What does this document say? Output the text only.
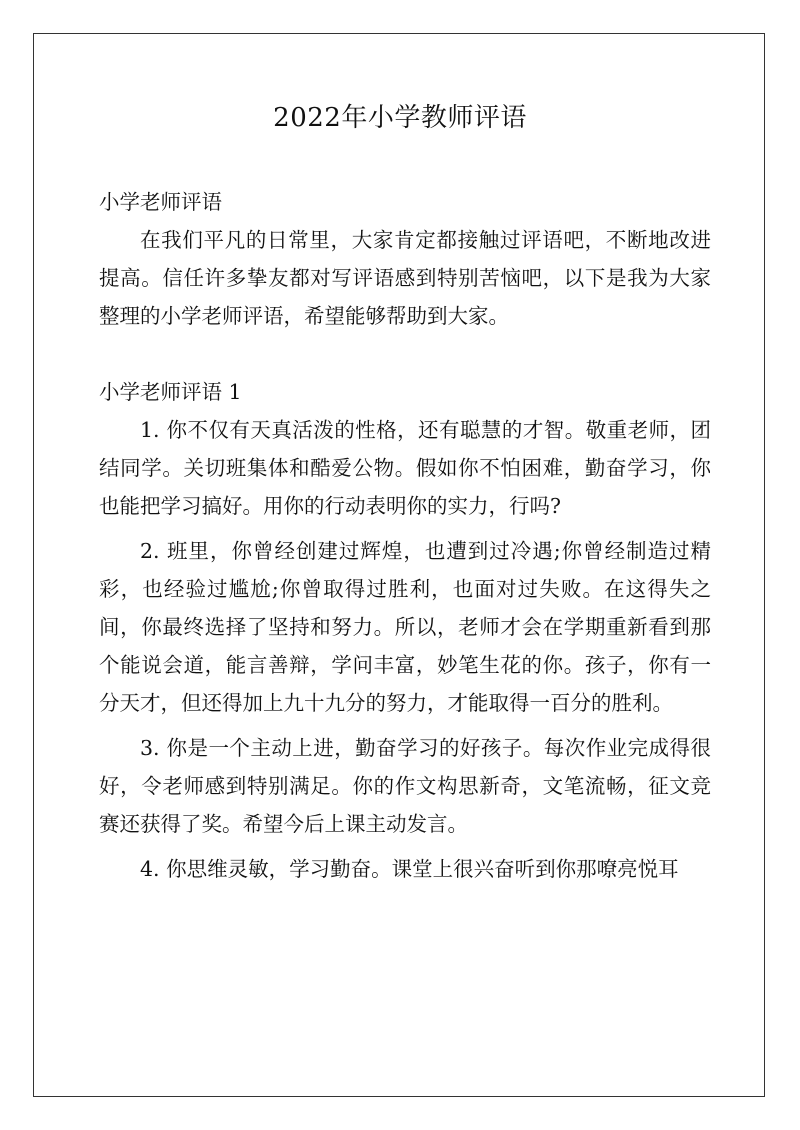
2022年小学教师评语

小学老师评语

在我们平凡的日常里，大家肯定都接触过评语吧，不断地改进提高。信任许多挚友都对写评语感到特别苦恼吧，以下是我为大家整理的小学老师评语，希望能够帮助到大家。

小学老师评语 1

1. 你不仅有天真活泼的性格，还有聪慧的才智。敬重老师，团结同学。关切班集体和酷爱公物。假如你不怕困难，勤奋学习，你也能把学习搞好。用你的行动表明你的实力，行吗?

2. 班里，你曾经创建过辉煌，也遭到过冷遇;你曾经制造过精彩，也经验过尴尬;你曾取得过胜利，也面对过失败。在这得失之间，你最终选择了坚持和努力。所以，老师才会在学期重新看到那个能说会道，能言善辩，学问丰富，妙笔生花的你。孩子，你有一分天才，但还得加上九十九分的努力，才能取得一百分的胜利。

3. 你是一个主动上进，勤奋学习的好孩子。每次作业完成得很好，令老师感到特别满足。你的作文构思新奇，文笔流畅，征文竞赛还获得了奖。希望今后上课主动发言。

4. 你思维灵敏，学习勤奋。课堂上很兴奋听到你那嘹亮悦耳
